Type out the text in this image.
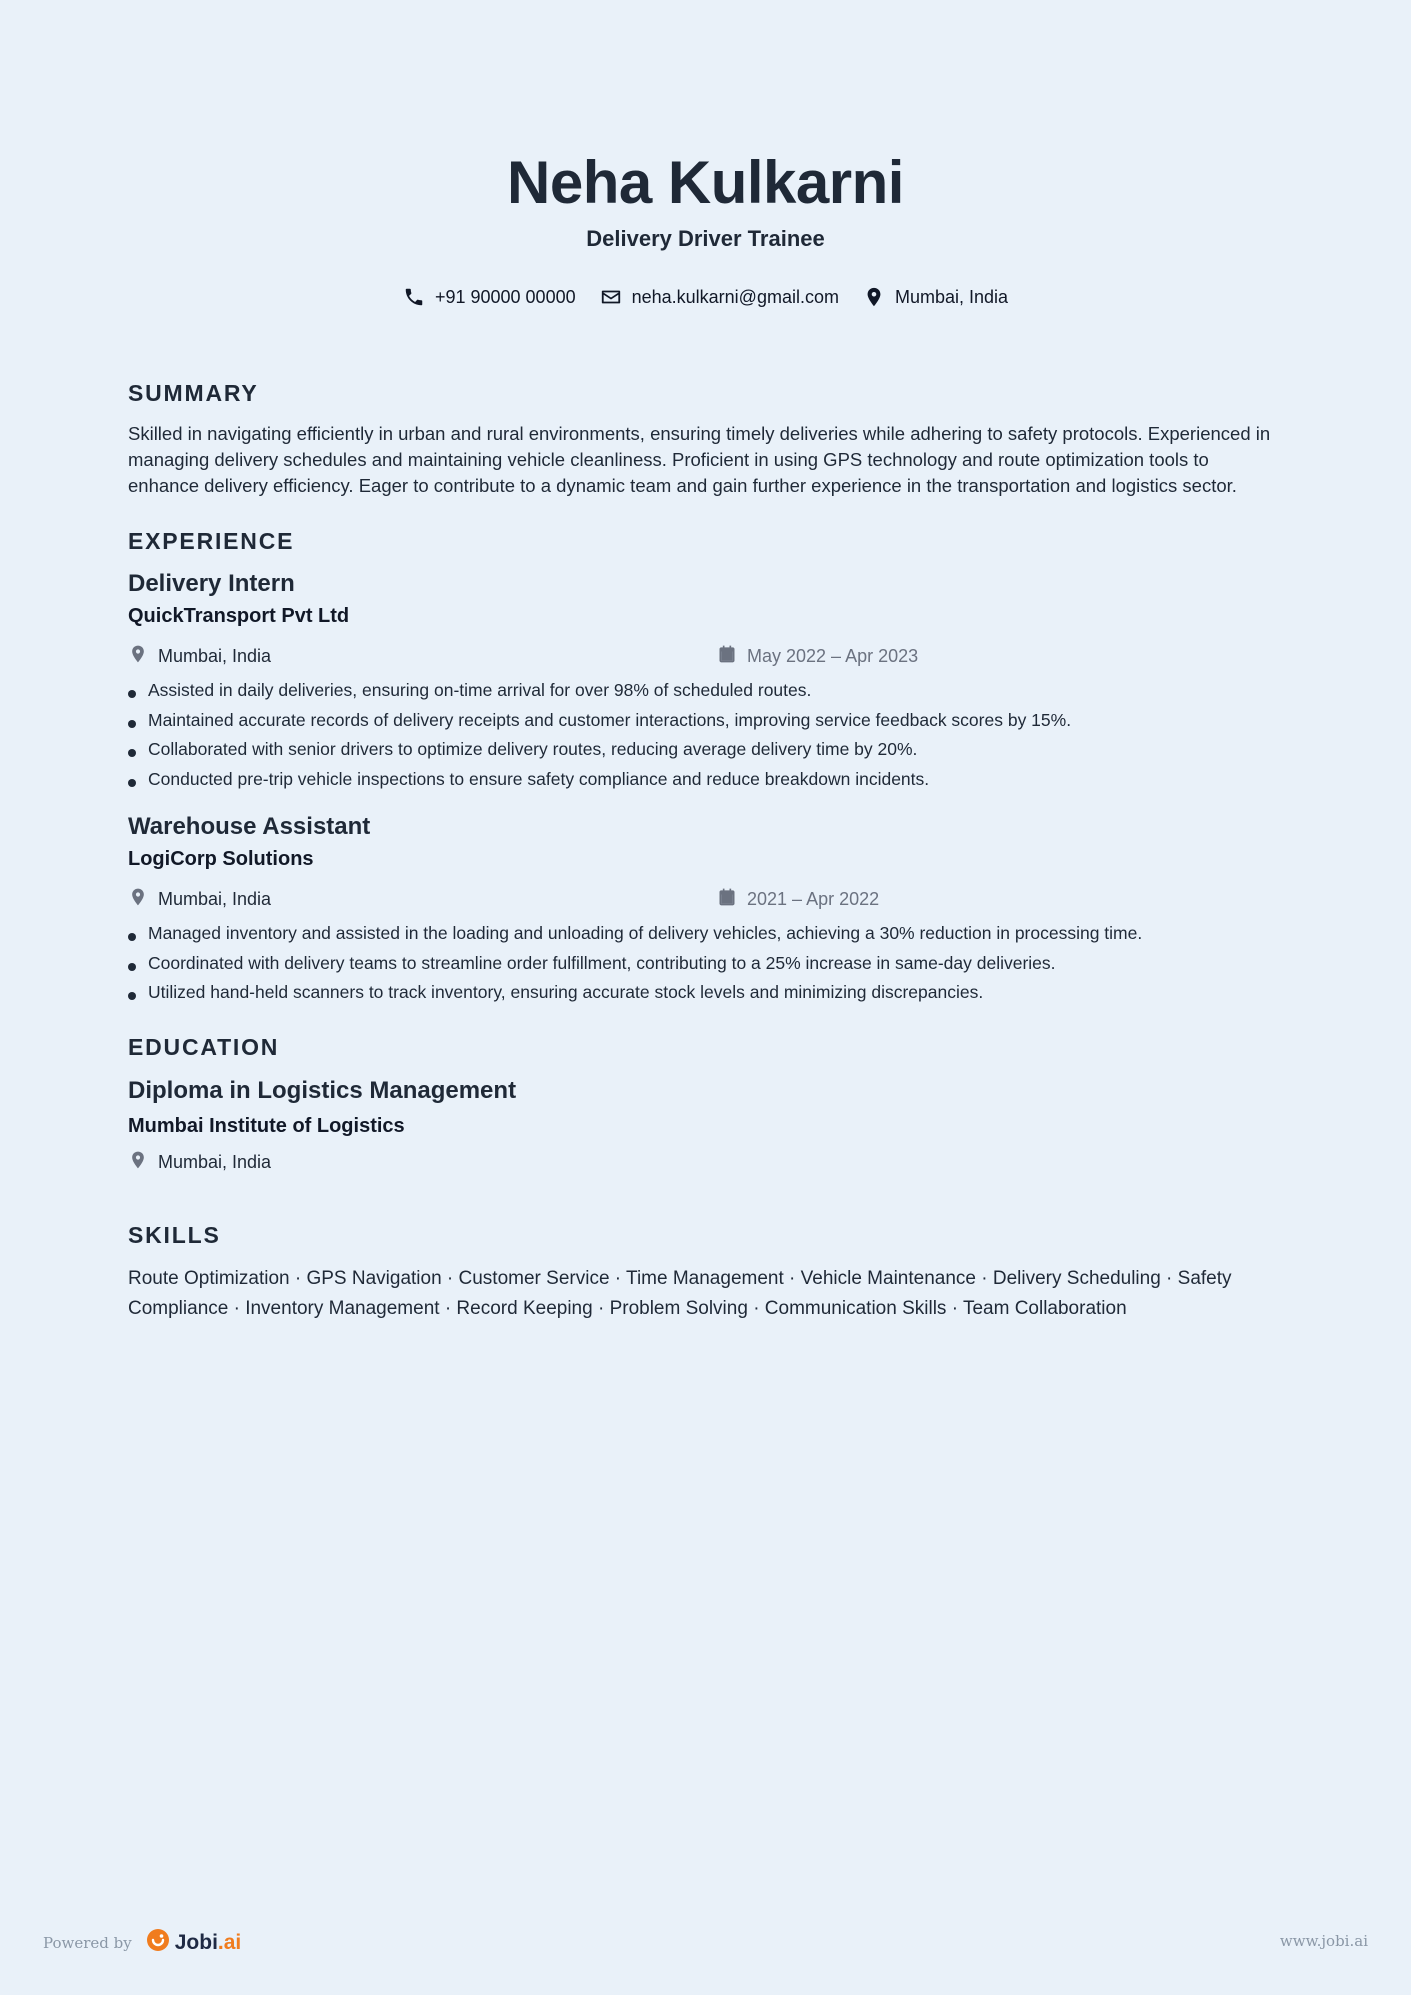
Neha Kulkarni
Delivery Driver Trainee
+91 90000 00000	neha.kulkarni@gmail.com	Mumbai, India
SUMMARY
Skilled in navigating efficiently in urban and rural environments, ensuring timely deliveries while adhering to safety protocols. Experienced in managing delivery schedules and maintaining vehicle cleanliness. Proficient in using GPS technology and route optimization tools to enhance delivery efficiency. Eager to contribute to a dynamic team and gain further experience in the transportation and logistics sector.
EXPERIENCE
Delivery Intern
QuickTransport Pvt Ltd
Mumbai, India	May 2022 – Apr 2023
Assisted in daily deliveries, ensuring on-time arrival for over 98% of scheduled routes.
Maintained accurate records of delivery receipts and customer interactions, improving service feedback scores by 15%.
Collaborated with senior drivers to optimize delivery routes, reducing average delivery time by 20%.
Conducted pre-trip vehicle inspections to ensure safety compliance and reduce breakdown incidents.
Warehouse Assistant
LogiCorp Solutions
Mumbai, India	2021 – Apr 2022
Managed inventory and assisted in the loading and unloading of delivery vehicles, achieving a 30% reduction in processing time.
Coordinated with delivery teams to streamline order fulfillment, contributing to a 25% increase in same-day deliveries.
Utilized hand-held scanners to track inventory, ensuring accurate stock levels and minimizing discrepancies.
EDUCATION
Diploma in Logistics Management
Mumbai Institute of Logistics
Mumbai, India
SKILLS
Route Optimization · GPS Navigation · Customer Service · Time Management · Vehicle Maintenance · Delivery Scheduling · Safety Compliance · Inventory Management · Record Keeping · Problem Solving · Communication Skills · Team Collaboration
Powered by Jobi.ai	www.jobi.ai
